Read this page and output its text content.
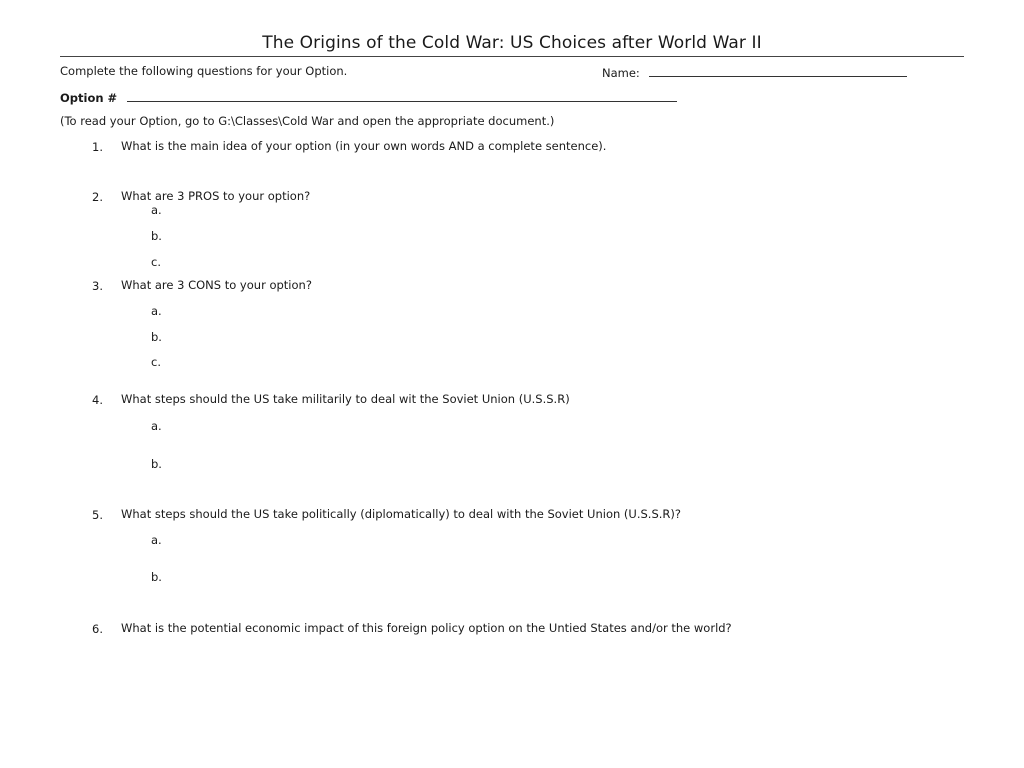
The Origins of the Cold War: US Choices after World War II
Complete the following questions for your Option.	Name:
Option #
(To read your Option, go to G:\Classes\Cold War and open the appropriate document.)
1. What is the main idea of your option (in your own words AND a complete sentence).
2. What are 3 PROS to your option?
a.
b.
c.
3. What are 3 CONS to your option?
a.
b.
c.
4. What steps should the US take militarily to deal wit the Soviet Union (U.S.S.R)
a.
b.
5. What steps should the US take politically (diplomatically) to deal with the Soviet Union (U.S.S.R)?
a.
b.
6. What is the potential economic impact of this foreign policy option on the Untied States and/or the world?
